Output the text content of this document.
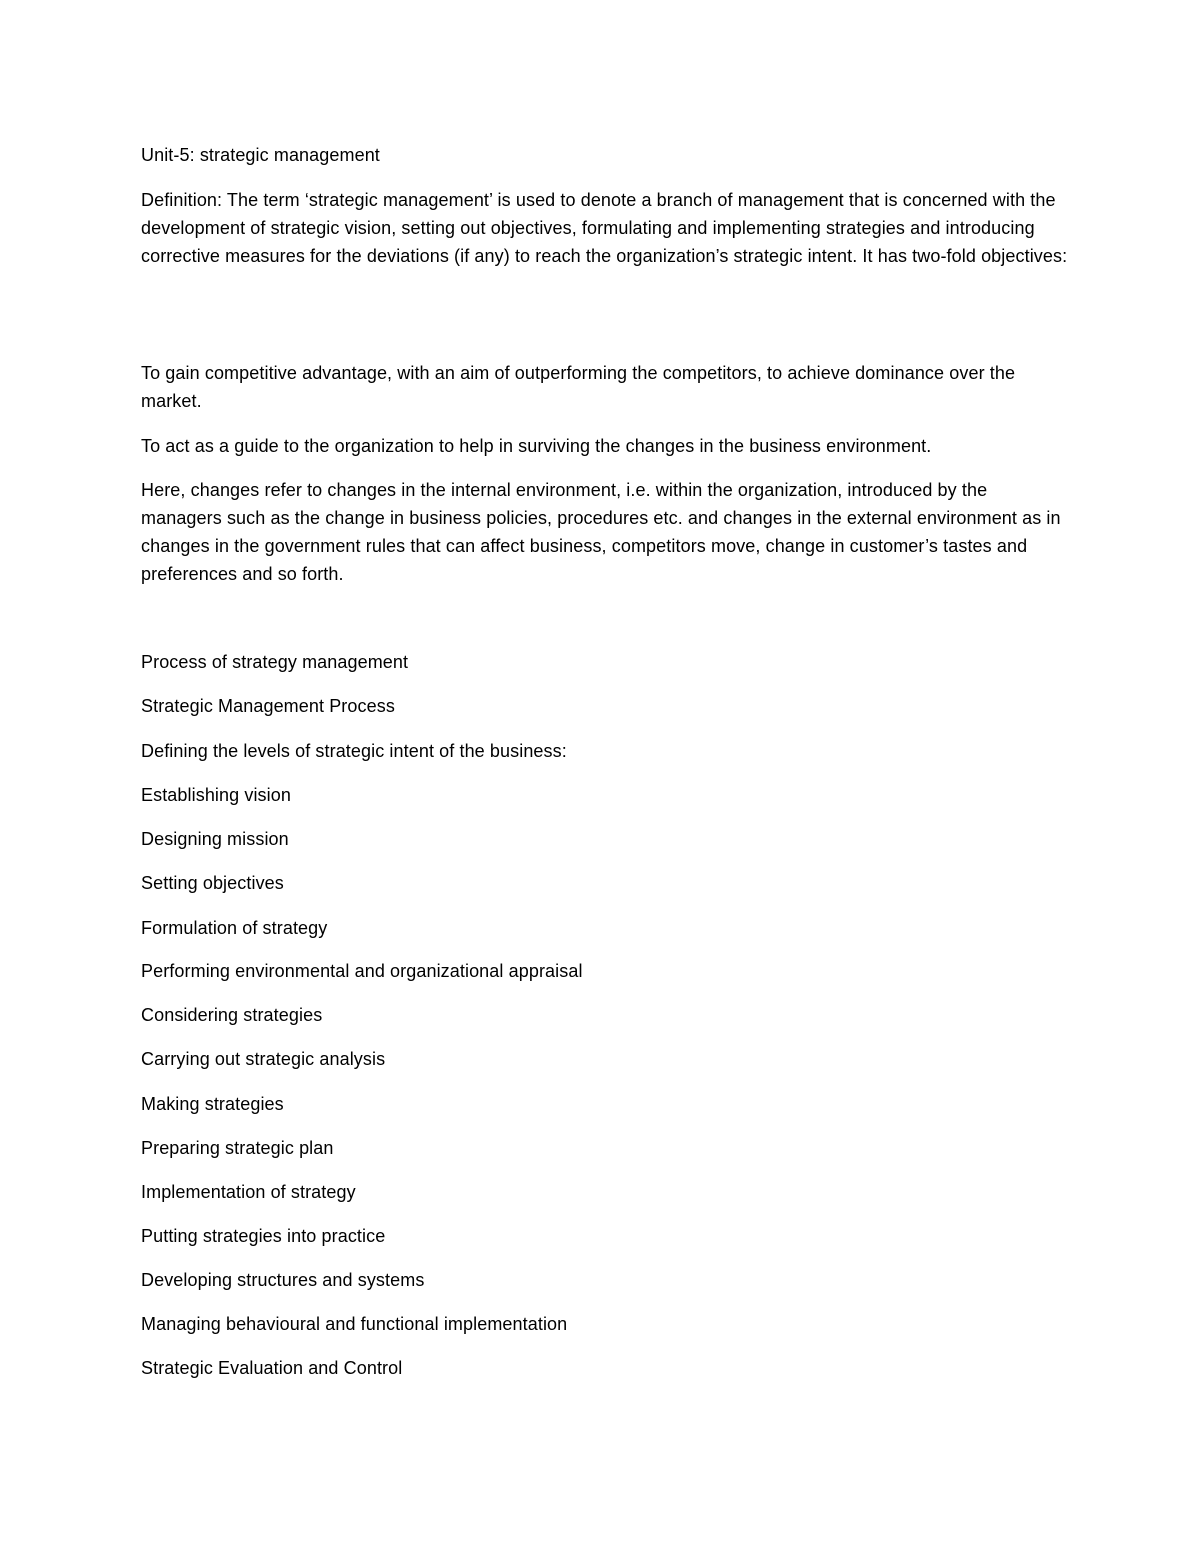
Unit-5: strategic management

Definition: The term ‘strategic management’ is used to denote a branch of management that is concerned with the development of strategic vision, setting out objectives, formulating and implementing strategies and introducing corrective measures for the deviations (if any) to reach the organization’s strategic intent. It has two-fold objectives:

To gain competitive advantage, with an aim of outperforming the competitors, to achieve dominance over the market.

To act as a guide to the organization to help in surviving the changes in the business environment.

Here, changes refer to changes in the internal environment, i.e. within the organization, introduced by the managers such as the change in business policies, procedures etc. and changes in the external environment as in changes in the government rules that can affect business, competitors move, change in customer’s tastes and preferences and so forth.

Process of strategy management

Strategic Management Process

Defining the levels of strategic intent of the business:

Establishing vision

Designing mission

Setting objectives

Formulation of strategy

Performing environmental and organizational appraisal

Considering strategies

Carrying out strategic analysis

Making strategies

Preparing strategic plan

Implementation of strategy

Putting strategies into practice

Developing structures and systems

Managing behavioural and functional implementation

Strategic Evaluation and Control
